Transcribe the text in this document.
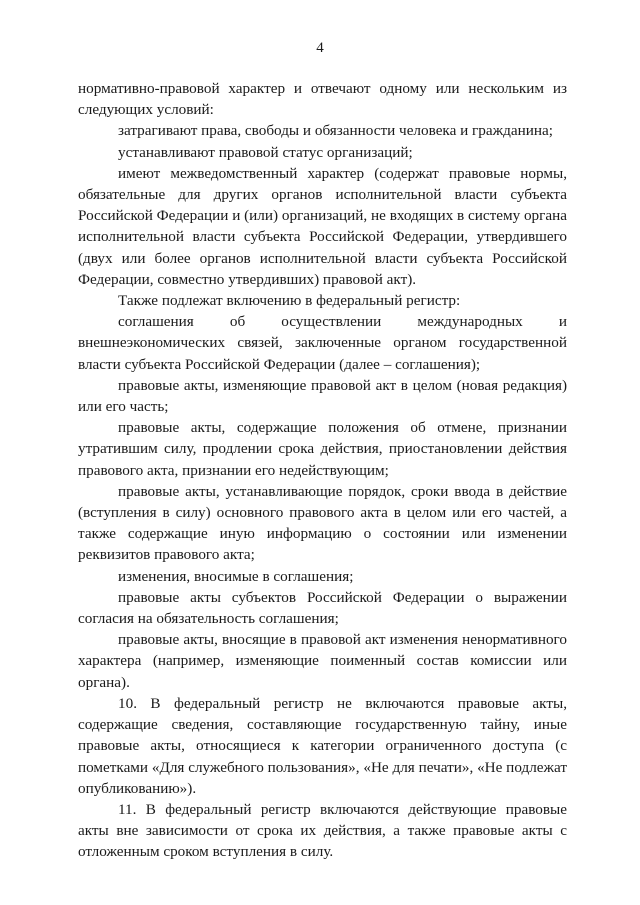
4

нормативно-правовой характер и отвечают одному или нескольким из следующих условий:

затрагивают права, свободы и обязанности человека и гражданина;

устанавливают правовой статус организаций;

имеют межведомственный характер (содержат правовые нормы, обязательные для других органов исполнительной власти субъекта Российской Федерации и (или) организаций, не входящих в систему органа исполнительной власти субъекта Российской Федерации, утвердившего (двух или более органов исполнительной власти субъекта Российской Федерации, совместно утвердивших) правовой акт).

Также подлежат включению в федеральный регистр:

соглашения об осуществлении международных и внешнеэкономических связей, заключенные органом государственной власти субъекта Российской Федерации (далее – соглашения);

правовые акты, изменяющие правовой акт в целом (новая редакция) или его часть;

правовые акты, содержащие положения об отмене, признании утратившим силу, продлении срока действия, приостановлении действия правового акта, признании его недействующим;

правовые акты, устанавливающие порядок, сроки ввода в действие (вступления в силу) основного правового акта в целом или его частей, а также содержащие иную информацию о состоянии или изменении реквизитов правового акта;

изменения, вносимые в соглашения;

правовые акты субъектов Российской Федерации о выражении согласия на обязательность соглашения;

правовые акты, вносящие в правовой акт изменения ненормативного характера (например, изменяющие поименный состав комиссии или органа).

10. В федеральный регистр не включаются правовые акты, содержащие сведения, составляющие государственную тайну, иные правовые акты, относящиеся к категории ограниченного доступа (с пометками «Для служебного пользования», «Не для печати», «Не подлежат опубликованию»).

11. В федеральный регистр включаются действующие правовые акты вне зависимости от срока их действия, а также правовые акты с отложенным сроком вступления в силу.
